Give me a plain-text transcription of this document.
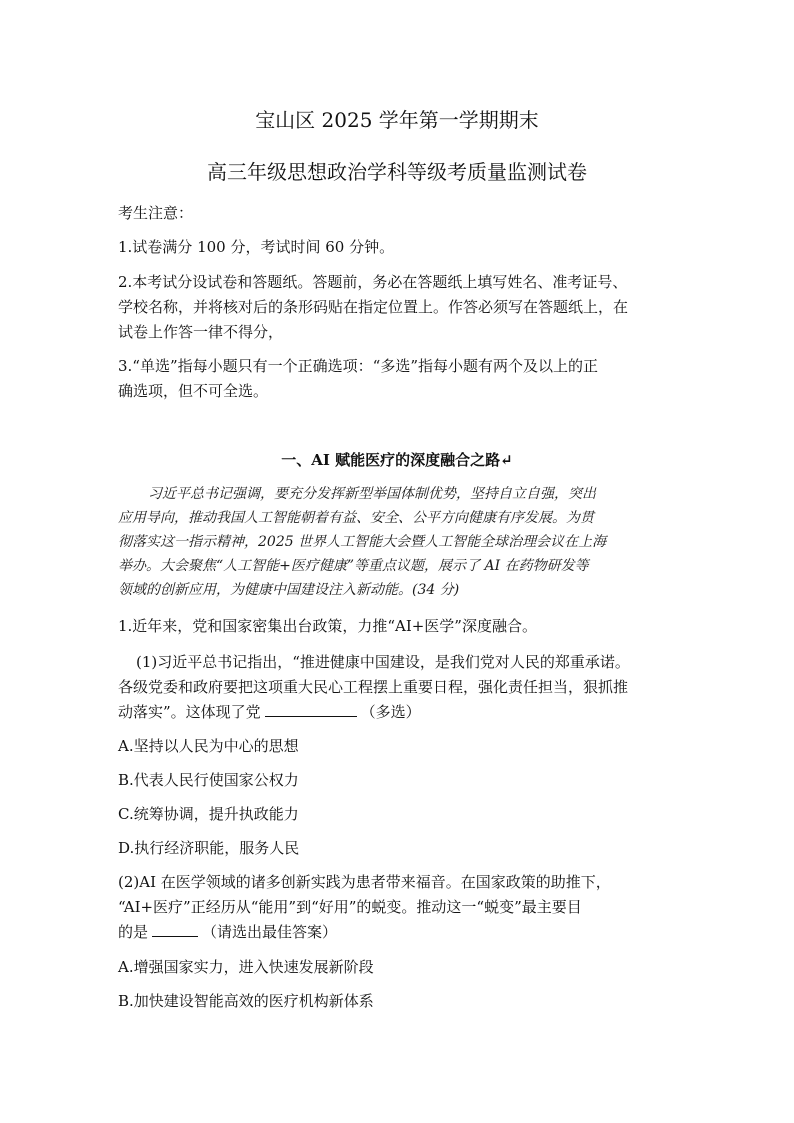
宝山区 2025 学年第一学期期末
高三年级思想政治学科等级考质量监测试卷
考生注意：
1.试卷满分 100 分，考试时间 60 分钟。
2.本考试分设试卷和答题纸。答题前，务必在答题纸上填写姓名、准考证号、
学校名称，并将核对后的条形码贴在指定位置上。作答必须写在答题纸上，在
试卷上作答一律不得分，
3.“单选”指每小题只有一个正确选项：“多选”指每小题有两个及以上的正
确选项，但不可全选。
一、AI 赋能医疗的深度融合之路↵
习近平总书记强调，要充分发挥新型举国体制优势，坚持自立自强，突出
应用导向，推动我国人工智能朝着有益、安全、公平方向健康有序发展。为贯
彻落实这一指示精神，2025 世界人工智能大会暨人工智能全球治理会议在上海
举办。大会聚焦“人工智能+医疗健康”等重点议题，展示了 AI 在药物研发等
领域的创新应用，为健康中国建设注入新动能。(34 分)
1.近年来，党和国家密集出台政策，力推“AI+医学”深度融合。
(1)习近平总书记指出，“推进健康中国建设，是我们党对人民的郑重承诺。
各级党委和政府要把这项重大民心工程摆上重要日程，强化责任担当，狠抓推
动落实”。这体现了党	（多选）
A.坚持以人民为中心的思想
B.代表人民行使国家公权力
C.统筹协调，提升执政能力
D.执行经济职能，服务人民
(2)AI 在医学领域的诸多创新实践为患者带来福音。在国家政策的助推下，
“AI+医疗”正经历从“能用”到“好用”的蜕变。推动这一“蜕变”最主要目
的是	（请选出最佳答案）
A.增强国家实力，进入快速发展新阶段
B.加快建设智能高效的医疗机构新体系
